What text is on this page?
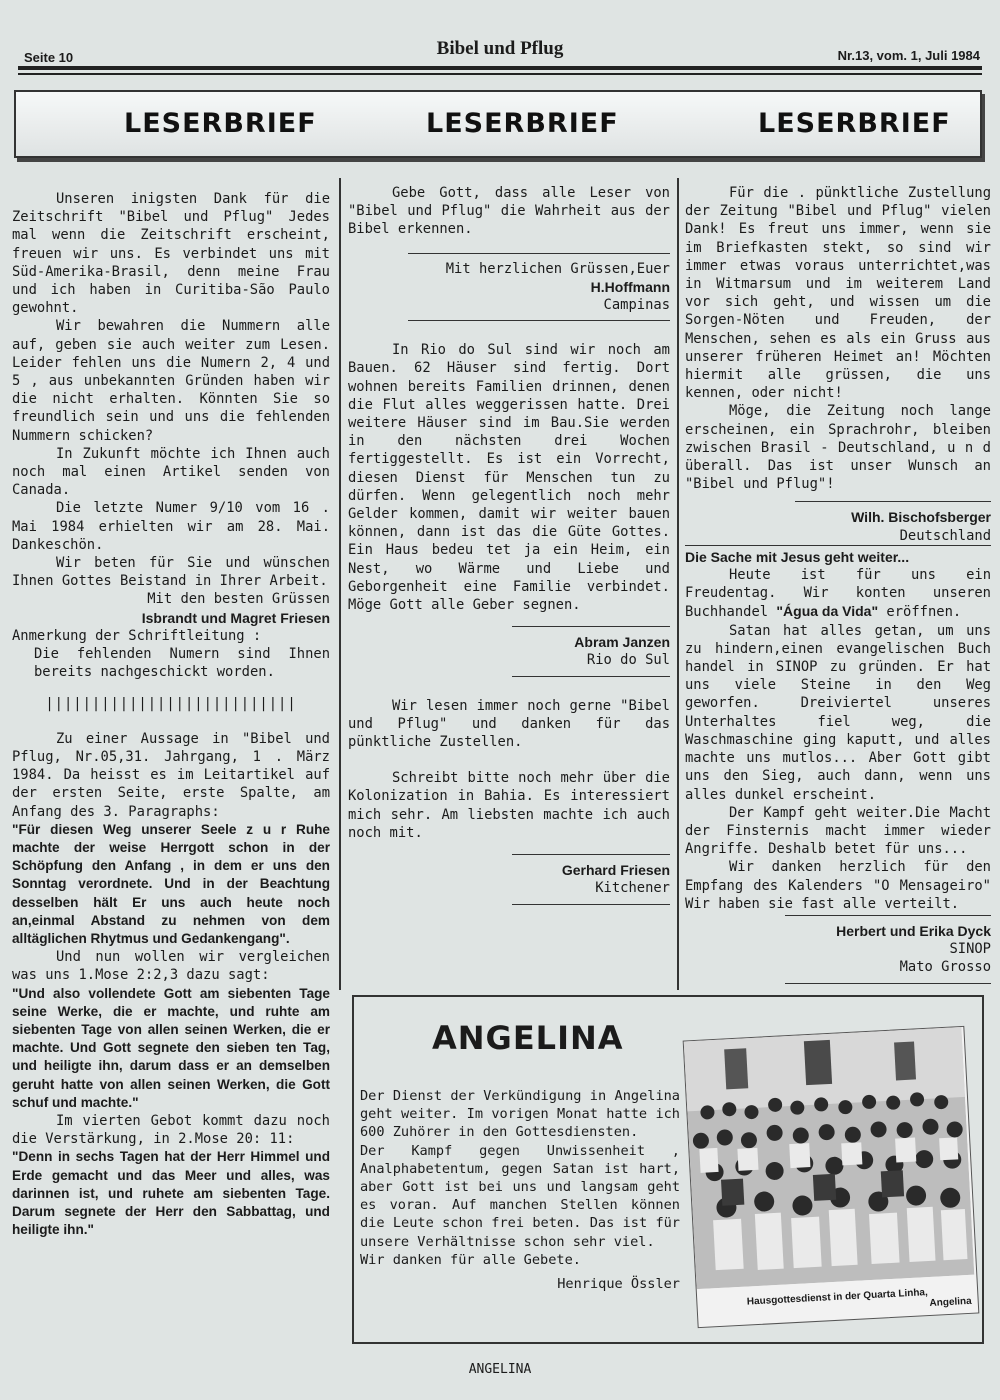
Seite 10	Bibel und Pflug	Nr.13, vom. 1, Juli 1984
LESERBRIEF	LESERBRIEF	LESERBRIEF

Unseren inigsten Dank für die Zeitschrift "Bibel und Pflug" Jedes mal wenn die Zeitschrift erscheint, freuen wir uns. Es verbindet uns mit Süd-Amerika-Brasil, denn meine Frau und ich haben in Curitiba-São Paulo gewohnt.

Wir bewahren die Nummern alle auf, geben sie auch weiter zum Lesen. Leider fehlen uns die Numern 2, 4 und 5 , aus unbekannten Gründen haben wir die nicht erhalten. Könnten Sie so freundlich sein und uns die fehlenden Nummern schicken?

In Zukunft möchte ich Ihnen auch noch mal einen Artikel senden von Canada.

Die letzte Numer 9/10 vom 16 . Mai 1984 erhielten wir am 28. Mai. Dankeschön.

Wir beten für Sie und wünschen Ihnen Gottes Beistand in Ihrer Arbeit.

Mit den besten Grüssen

Isbrandt und Magret Friesen

Anmerkung der Schriftleitung :

Die fehlenden Numern sind Ihnen bereits nachgeschickt worden.

|||||||||||||||||||||||||||

Zu einer Aussage in "Bibel und Pflug, Nr.05,31. Jahrgang, 1 . März 1984. Da heisst es im Leitartikel auf der ersten Seite, erste Spalte, am Anfang des 3. Paragraphs:

"Für diesen Weg unserer Seele z u r Ruhe machte der weise Herrgott schon in der Schöpfung den Anfang , in dem er uns den Sonntag verordnete. Und in der Beachtung desselben hält Er uns auch heute noch an,einmal Abstand zu nehmen von dem alltäglichen Rhytmus und Gedankengang".

Und nun wollen wir vergleichen was uns 1.Mose 2:2,3 dazu sagt:

"Und also vollendete Gott am siebenten Tage seine Werke, die er machte, und ruhte am siebenten Tage von allen seinen Werken, die er machte. Und Gott segnete den sieben ten Tag, und heiligte ihn, darum dass er an demselben geruht hatte von allen seinen Werken, die Gott schuf und machte."

Im vierten Gebot kommt dazu noch die Verstärkung, in 2.Mose 20: 11:

"Denn in sechs Tagen hat der Herr Himmel und Erde gemacht und das Meer und alles, was darinnen ist, und ruhete am siebenten Tage. Darum segnete der Herr den Sabbattag, und heiligte ihn."

Gebe Gott, dass alle Leser von "Bibel und Pflug" die Wahrheit aus der Bibel erkennen.

Mit herzlichen Grüssen,Euer

H.Hoffmann

Campinas

In Rio do Sul sind wir noch am Bauen. 62 Häuser sind fertig. Dort wohnen bereits Familien drinnen, denen die Flut alles weggerissen hatte. Drei weitere Häuser sind im Bau.Sie werden in den nächsten drei Wochen fertiggestellt. Es ist ein Vorrecht, diesen Dienst für Menschen tun zu dürfen. Wenn gelegentlich noch mehr Gelder kommen, damit wir weiter bauen können, dann ist das die Güte Gottes. Ein Haus bedeu tet ja ein Heim, ein Nest, wo Wärme und Liebe und Geborgenheit eine Familie verbindet. Möge Gott alle Geber segnen.

Abram Janzen

Rio do Sul

Wir lesen immer noch gerne "Bibel und Pflug" und danken für das pünktliche Zustellen.

Schreibt bitte noch mehr über die Kolonization in Bahia. Es interessiert mich sehr. Am liebsten machte ich auch noch mit.

Gerhard Friesen

Kitchener

Für die . pünktliche Zustellung der Zeitung "Bibel und Pflug" vielen Dank! Es freut uns immer, wenn sie im Briefkasten stekt, so sind wir immer etwas voraus unterrichtet,was in Witmarsum und im weiterem Land vor sich geht, und wissen um die Sorgen-Nöten und Freuden, der Menschen, sehen es als ein Gruss aus unserer früheren Heimet an! Möchten hiermit alle grüssen, die uns kennen, oder nicht!

Möge, die Zeitung noch lange erscheinen, ein Sprachrohr, bleiben zwischen Brasil - Deutschland, u n d überall. Das ist unser Wunsch an "Bibel und Pflug"!

Wilh. Bischofsberger

Deutschland

Die Sache mit Jesus geht weiter...

Heute ist für uns ein Freudentag. Wir konten unseren Buchhandel "Água da Vida" eröffnen.

Satan hat alles getan, um uns zu hindern,einen evangelischen Buch handel in SINOP zu gründen. Er hat uns viele Steine in den Weg geworfen. Dreiviertel unseres Unterhaltes fiel weg, die Waschmaschine ging kaputt, und alles machte uns mutlos... Aber Gott gibt uns den Sieg, auch dann, wenn uns alles dunkel erscheint.

Der Kampf geht weiter.Die Macht der Finsternis macht immer wieder Angriffe. Deshalb betet für uns...

Wir danken herzlich für den Empfang des Kalenders "O Mensageiro" Wir haben sie fast alle verteilt.

Herbert und Erika Dyck

SINOP

Mato Grosso

ANGELINA

Der Dienst der Verkündigung in Angelina geht weiter. Im vorigen Monat hatte ich 600 Zuhörer in den Gottesdiensten.

Der Kampf gegen Unwissenheit , Analphabetentum, gegen Satan ist hart, aber Gott ist bei uns und langsam geht es voran. Auf manchen Stellen können die Leute schon frei beten. Das ist für unsere Verhältnisse schon sehr viel.

Wir danken für alle Gebete.

Henrique Össler

Hausgottesdienst in der Quarta Linha, Angelina
ANGELINA
